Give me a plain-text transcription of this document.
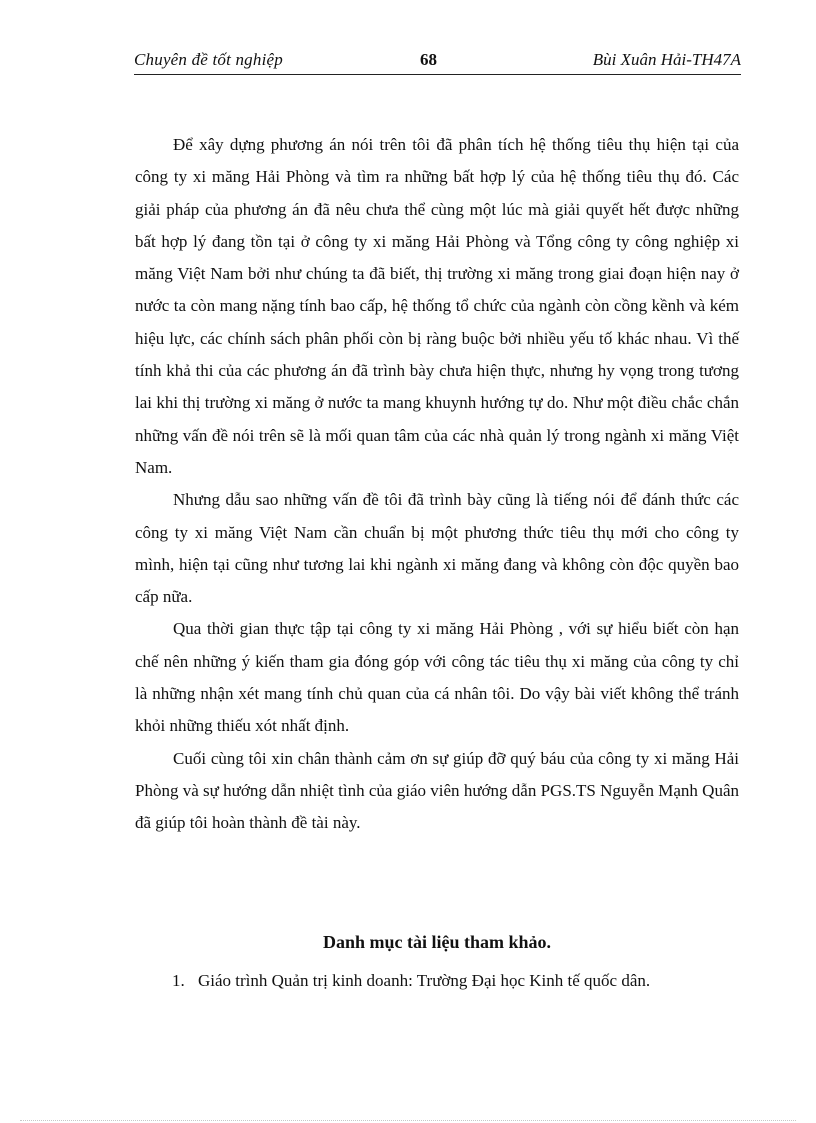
Chuyên đề tốt nghiệp	68	Bùi Xuân Hải-TH47A

Để xây dựng phương án nói trên tôi đã phân tích hệ thống tiêu thụ hiện tại của công ty xi măng Hải Phòng và tìm ra những bất hợp lý của hệ thống tiêu thụ đó. Các giải pháp của phương án đã nêu chưa thể cùng một lúc mà giải quyết hết được những bất hợp lý đang tồn tại ở công ty xi măng Hải Phòng và Tổng công ty công nghiệp xi măng Việt Nam bởi như chúng ta đã biết, thị trường xi măng trong giai đoạn hiện nay ở nước ta còn mang nặng tính bao cấp, hệ thống tổ chức của ngành còn cồng kềnh và kém hiệu lực, các chính sách phân phối còn bị ràng buộc bởi nhiều yếu tố khác nhau. Vì thế tính khả thi của các phương án đã trình bày chưa hiện thực, nhưng hy vọng trong tương lai khi thị trường xi măng ở nước ta mang khuynh hướng tự do. Như một điều chắc chắn những vấn đề nói trên sẽ là mối quan tâm của các nhà quản lý trong ngành xi măng Việt Nam.

Nhưng dẫu sao những vấn đề tôi đã trình bày cũng là tiếng nói để đánh thức các công ty xi măng Việt Nam cần chuẩn bị một phương thức tiêu thụ mới cho công ty mình, hiện tại cũng như tương lai khi ngành xi măng đang và không còn độc quyền bao cấp nữa.

Qua thời gian thực tập tại công ty xi măng Hải Phòng , với sự hiểu biết còn hạn chế nên những ý kiến tham gia đóng góp với công tác tiêu thụ xi măng của công ty chỉ là những nhận xét mang tính chủ quan của cá nhân tôi. Do vậy bài viết không thể tránh khỏi những thiếu xót nhất định.

Cuối cùng tôi xin chân thành cảm ơn sự giúp đỡ quý báu của công ty xi măng Hải Phòng và sự hướng dẫn nhiệt tình của giáo viên hướng dẫn PGS.TS Nguyễn Mạnh Quân đã giúp tôi hoàn thành đề tài này.

Danh mục tài liệu tham khảo.
1. Giáo trình Quản trị kinh doanh: Trường Đại học Kinh tế quốc dân.
